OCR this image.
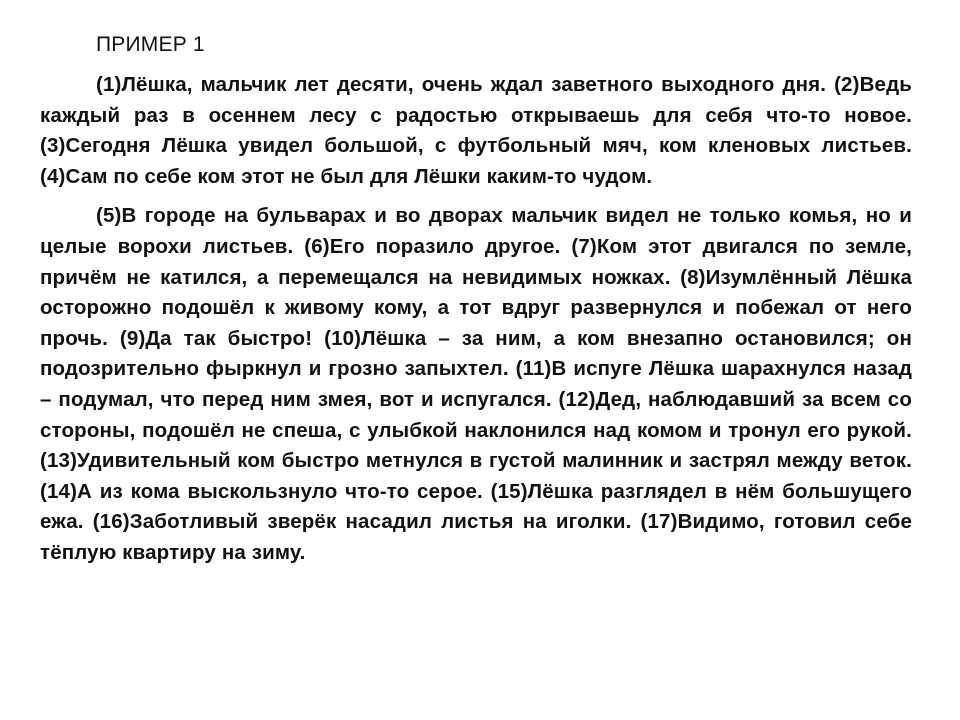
ПРИМЕР 1

(1)Лёшка, мальчик лет десяти, очень ждал заветного выходного дня. (2)Ведь каждый раз в осеннем лесу с радостью открываешь для себя что-то новое. (3)Сегодня Лёшка увидел большой, с футбольный мяч, ком кленовых листьев. (4)Сам по себе ком этот не был для Лёшки каким-то чудом.

(5)В городе на бульварах и во дворах мальчик видел не только комья, но и целые ворохи листьев. (6)Его поразило другое. (7)Ком этот двигался по земле, причём не катился, а перемещался на невидимых ножках. (8)Изумлённый Лёшка осторожно подошёл к живому кому, а тот вдруг развернулся и побежал от него прочь. (9)Да так быстро! (10)Лёшка – за ним, а ком внезапно остановился; он подозрительно фыркнул и грозно запыхтел. (11)В испуге Лёшка шарахнулся назад – подумал, что перед ним змея, вот и испугался. (12)Дед, наблюдавший за всем со стороны, подошёл не спеша, с улыбкой наклонился над комом и тронул его рукой. (13)Удивительный ком быстро метнулся в густой малинник и застрял между веток. (14)А из кома выскользнуло что-то серое. (15)Лёшка разглядел в нём большущего ежа. (16)Заботливый зверёк насадил листья на иголки. (17)Видимо, готовил себе тёплую квартиру на зиму.
